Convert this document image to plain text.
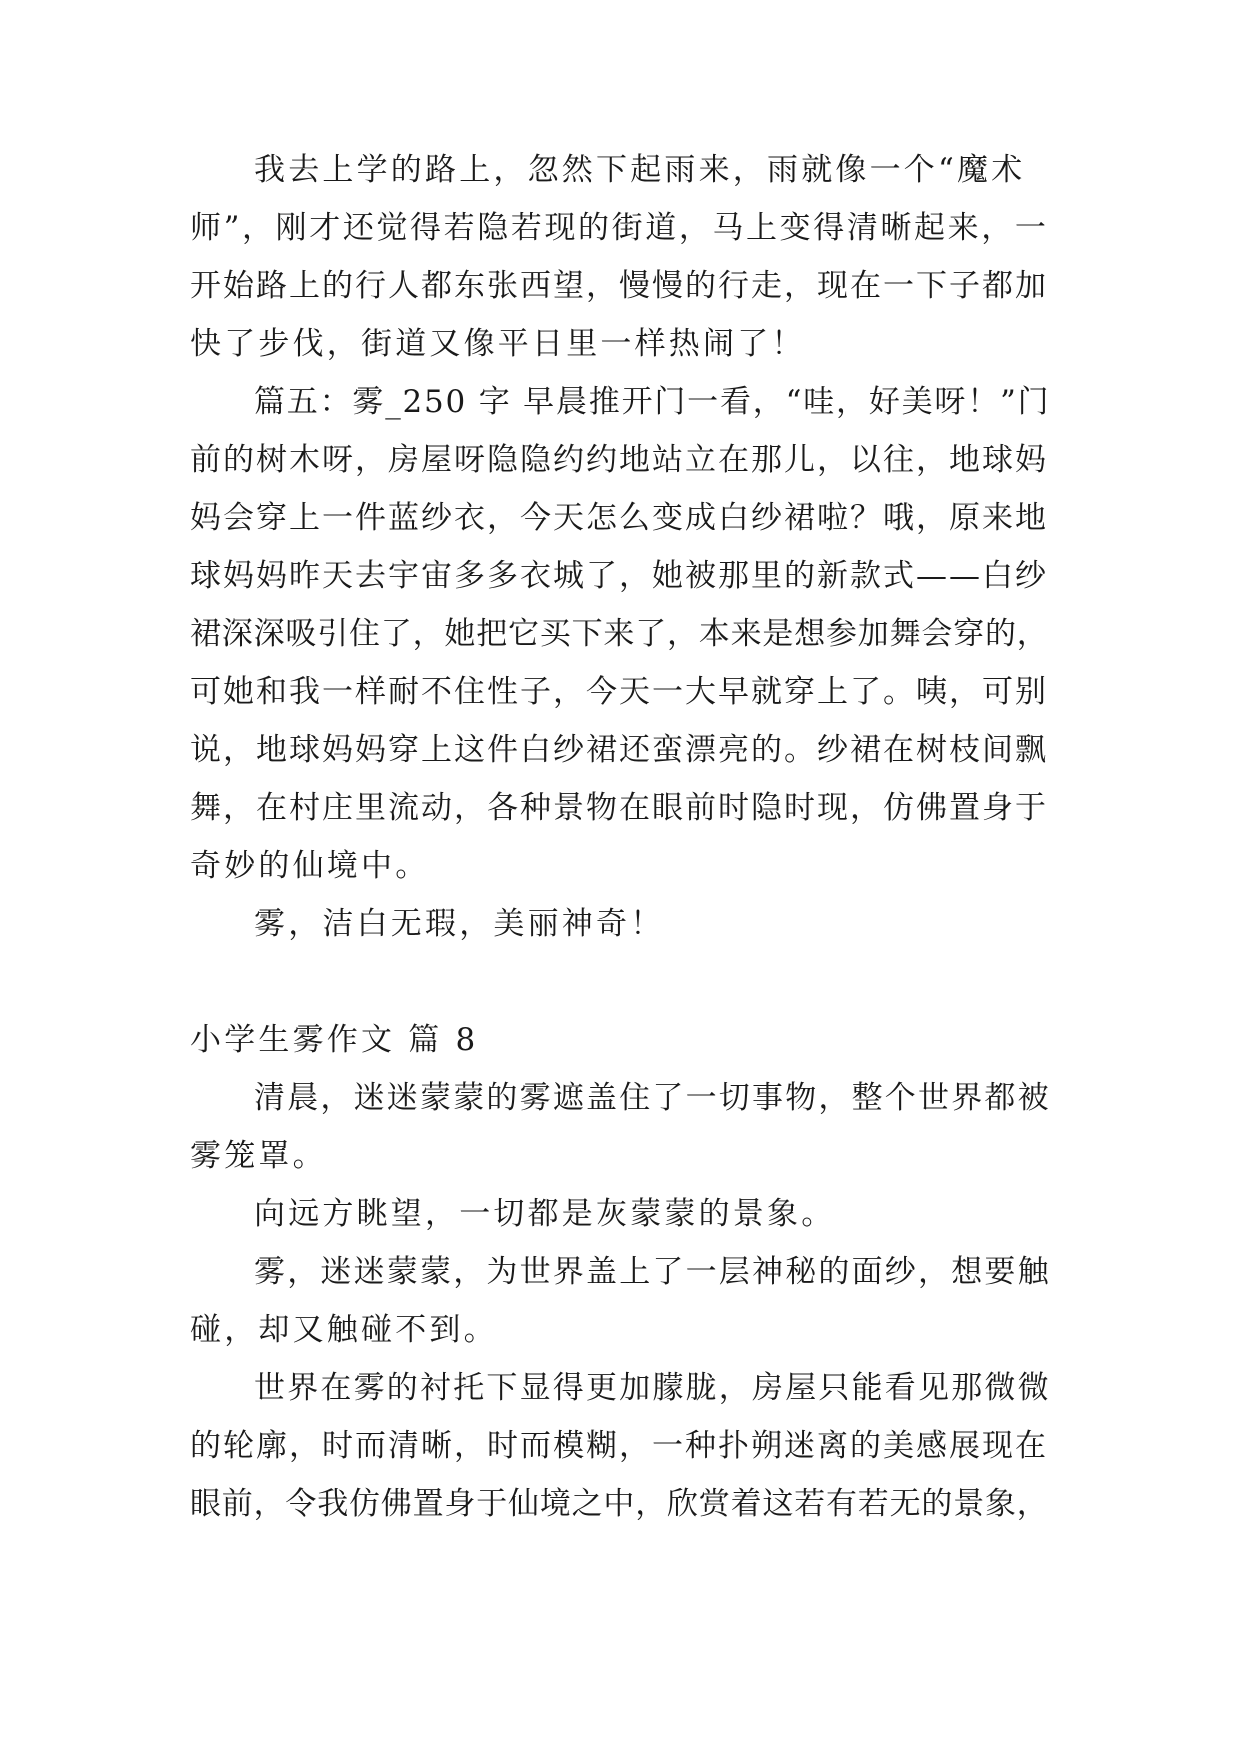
我去上学的路上，忽然下起雨来，雨就像一个“魔术
师”，刚才还觉得若隐若现的街道，马上变得清晰起来，一
开始路上的行人都东张西望，慢慢的行走，现在一下子都加
快了步伐，街道又像平日里一样热闹了！
篇五：雾_250 字 早晨推开门一看，“哇，好美呀！”门
前的树木呀，房屋呀隐隐约约地站立在那儿，以往，地球妈
妈会穿上一件蓝纱衣，今天怎么变成白纱裙啦？哦，原来地
球妈妈昨天去宇宙多多衣城了，她被那里的新款式——白纱
裙深深吸引住了，她把它买下来了，本来是想参加舞会穿的，
可她和我一样耐不住性子，今天一大早就穿上了。咦，可别
说，地球妈妈穿上这件白纱裙还蛮漂亮的。纱裙在树枝间飘
舞，在村庄里流动，各种景物在眼前时隐时现，仿佛置身于
奇妙的仙境中。
雾，洁白无瑕，美丽神奇！
小学生雾作文 篇 8
清晨，迷迷蒙蒙的雾遮盖住了一切事物，整个世界都被
雾笼罩。
向远方眺望，一切都是灰蒙蒙的景象。
雾，迷迷蒙蒙，为世界盖上了一层神秘的面纱，想要触
碰，却又触碰不到。
世界在雾的衬托下显得更加朦胧，房屋只能看见那微微
的轮廓，时而清晰，时而模糊，一种扑朔迷离的美感展现在
眼前，令我仿佛置身于仙境之中，欣赏着这若有若无的景象，
